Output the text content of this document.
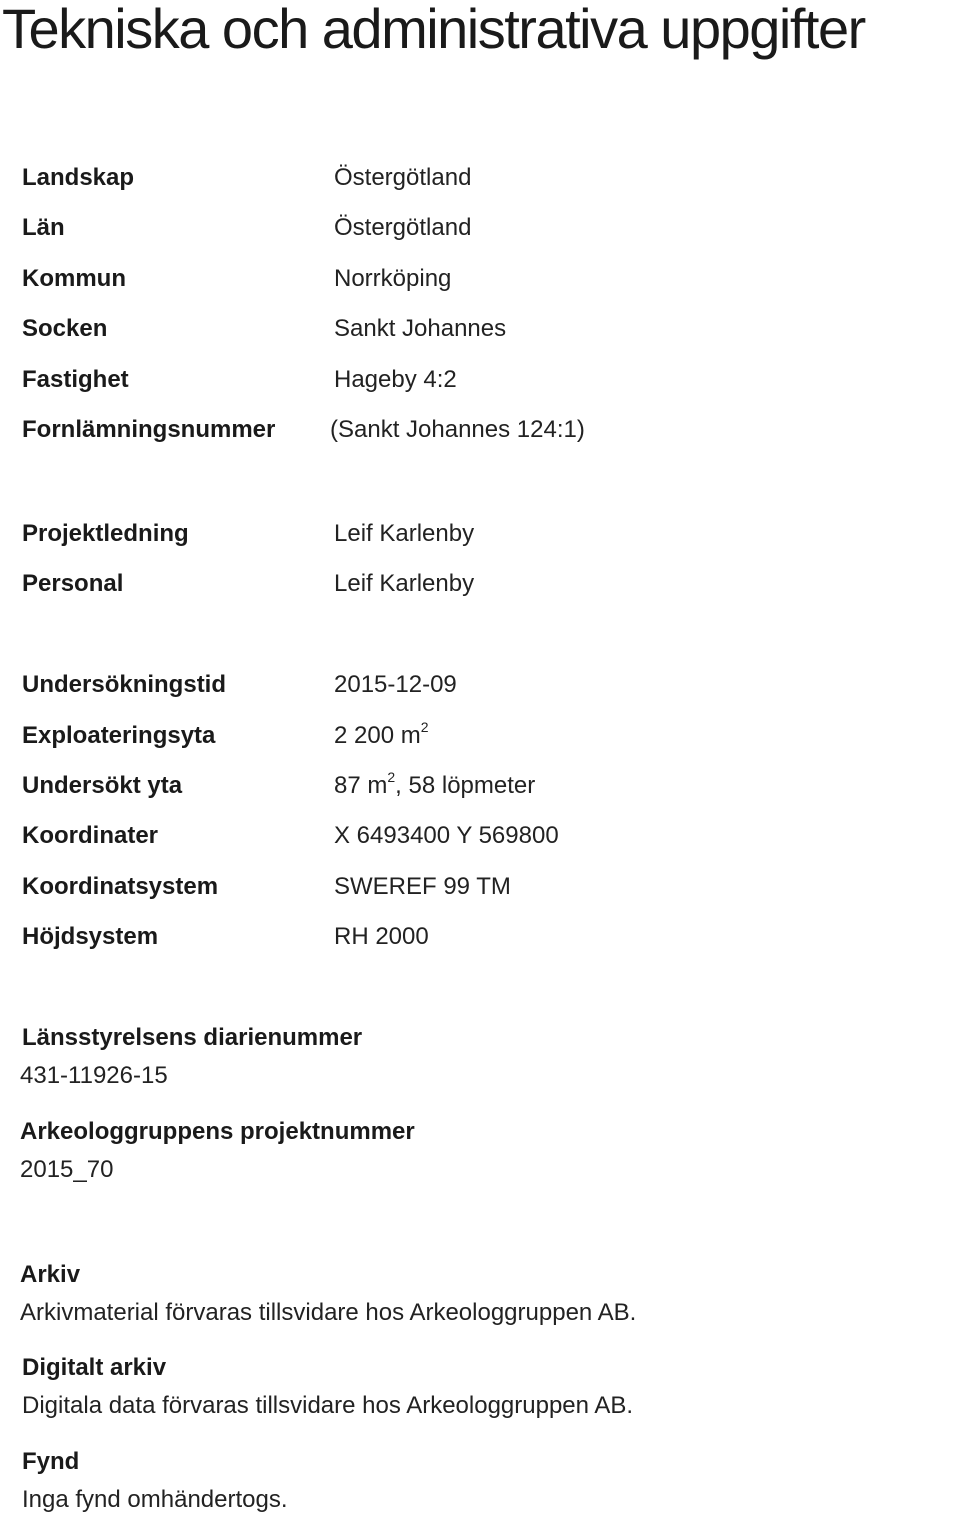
Tekniska och administrativa uppgifter
Landskap	Östergötland
Län	Östergötland
Kommun	Norrköping
Socken	Sankt Johannes
Fastighet	Hageby 4:2
Fornlämningsnummer (Sankt Johannes 124:1)
Projektledning	Leif Karlenby
Personal	Leif Karlenby
Undersökningstid	2015-12-09
Exploateringsyta	2 200 $m^2$
Undersökt yta	87 $m^2$, 58 löpmeter
Koordinater	X 6493400 Y 569800
Koordinatsystem	SWEREF 99 TM
Höjdsystem	RH 2000
Länsstyrelsens diarienummer
431-11926-15
Arkeologgruppens projektnummer
2015_70
Arkiv
Arkivmaterial förvaras tillsvidare hos Arkeologgruppen AB.
Digitalt arkiv
Digitala data förvaras tillsvidare hos Arkeologgruppen AB.
Fynd
Inga fynd omhändertogs.
